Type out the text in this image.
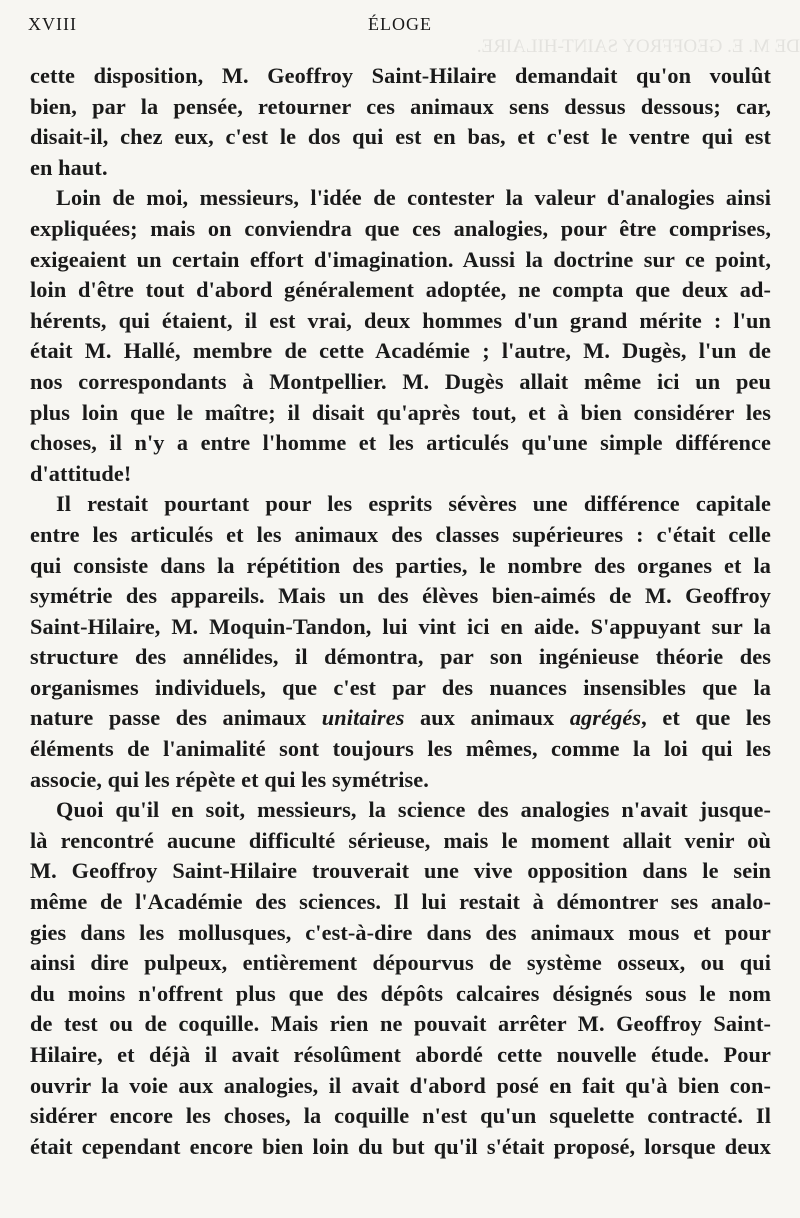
DE M. E. GEOFFROY SAINT-HILAIRE.
XVIII	ÉLOGE
cette disposition, M. Geoffroy Saint-Hilaire demandait qu'on voulût
bien, par la pensée, retourner ces animaux sens dessus dessous; car,
disait-il, chez eux, c'est le dos qui est en bas, et c'est le ventre qui est
en haut.
Loin de moi, messieurs, l'idée de contester la valeur d'analogies ainsi
expliquées; mais on conviendra que ces analogies, pour être comprises,
exigeaient un certain effort d'imagination. Aussi la doctrine sur ce point,
loin d'être tout d'abord généralement adoptée, ne compta que deux ad-
hérents, qui étaient, il est vrai, deux hommes d'un grand mérite : l'un
était M. Hallé, membre de cette Académie ; l'autre, M. Dugès, l'un de
nos correspondants à Montpellier. M. Dugès allait même ici un peu
plus loin que le maître; il disait qu'après tout, et à bien considérer les
choses, il n'y a entre l'homme et les articulés qu'une simple différence
d'attitude!
Il restait pourtant pour les esprits sévères une différence capitale
entre les articulés et les animaux des classes supérieures : c'était celle
qui consiste dans la répétition des parties, le nombre des organes et la
symétrie des appareils. Mais un des élèves bien-aimés de M. Geoffroy
Saint-Hilaire, M. Moquin-Tandon, lui vint ici en aide. S'appuyant sur la
structure des annélides, il démontra, par son ingénieuse théorie des
organismes individuels, que c'est par des nuances insensibles que la
nature passe des animaux unitaires aux animaux agrégés, et que les
éléments de l'animalité sont toujours les mêmes, comme la loi qui les
associe, qui les répète et qui les symétrise.
Quoi qu'il en soit, messieurs, la science des analogies n'avait jusque-
là rencontré aucune difficulté sérieuse, mais le moment allait venir où
M. Geoffroy Saint-Hilaire trouverait une vive opposition dans le sein
même de l'Académie des sciences. Il lui restait à démontrer ses analo-
gies dans les mollusques, c'est-à-dire dans des animaux mous et pour
ainsi dire pulpeux, entièrement dépourvus de système osseux, ou qui
du moins n'offrent plus que des dépôts calcaires désignés sous le nom
de test ou de coquille. Mais rien ne pouvait arrêter M. Geoffroy Saint-
Hilaire, et déjà il avait résolûment abordé cette nouvelle étude. Pour
ouvrir la voie aux analogies, il avait d'abord posé en fait qu'à bien con-
sidérer encore les choses, la coquille n'est qu'un squelette contracté. Il
était cependant encore bien loin du but qu'il s'était proposé, lorsque deux
